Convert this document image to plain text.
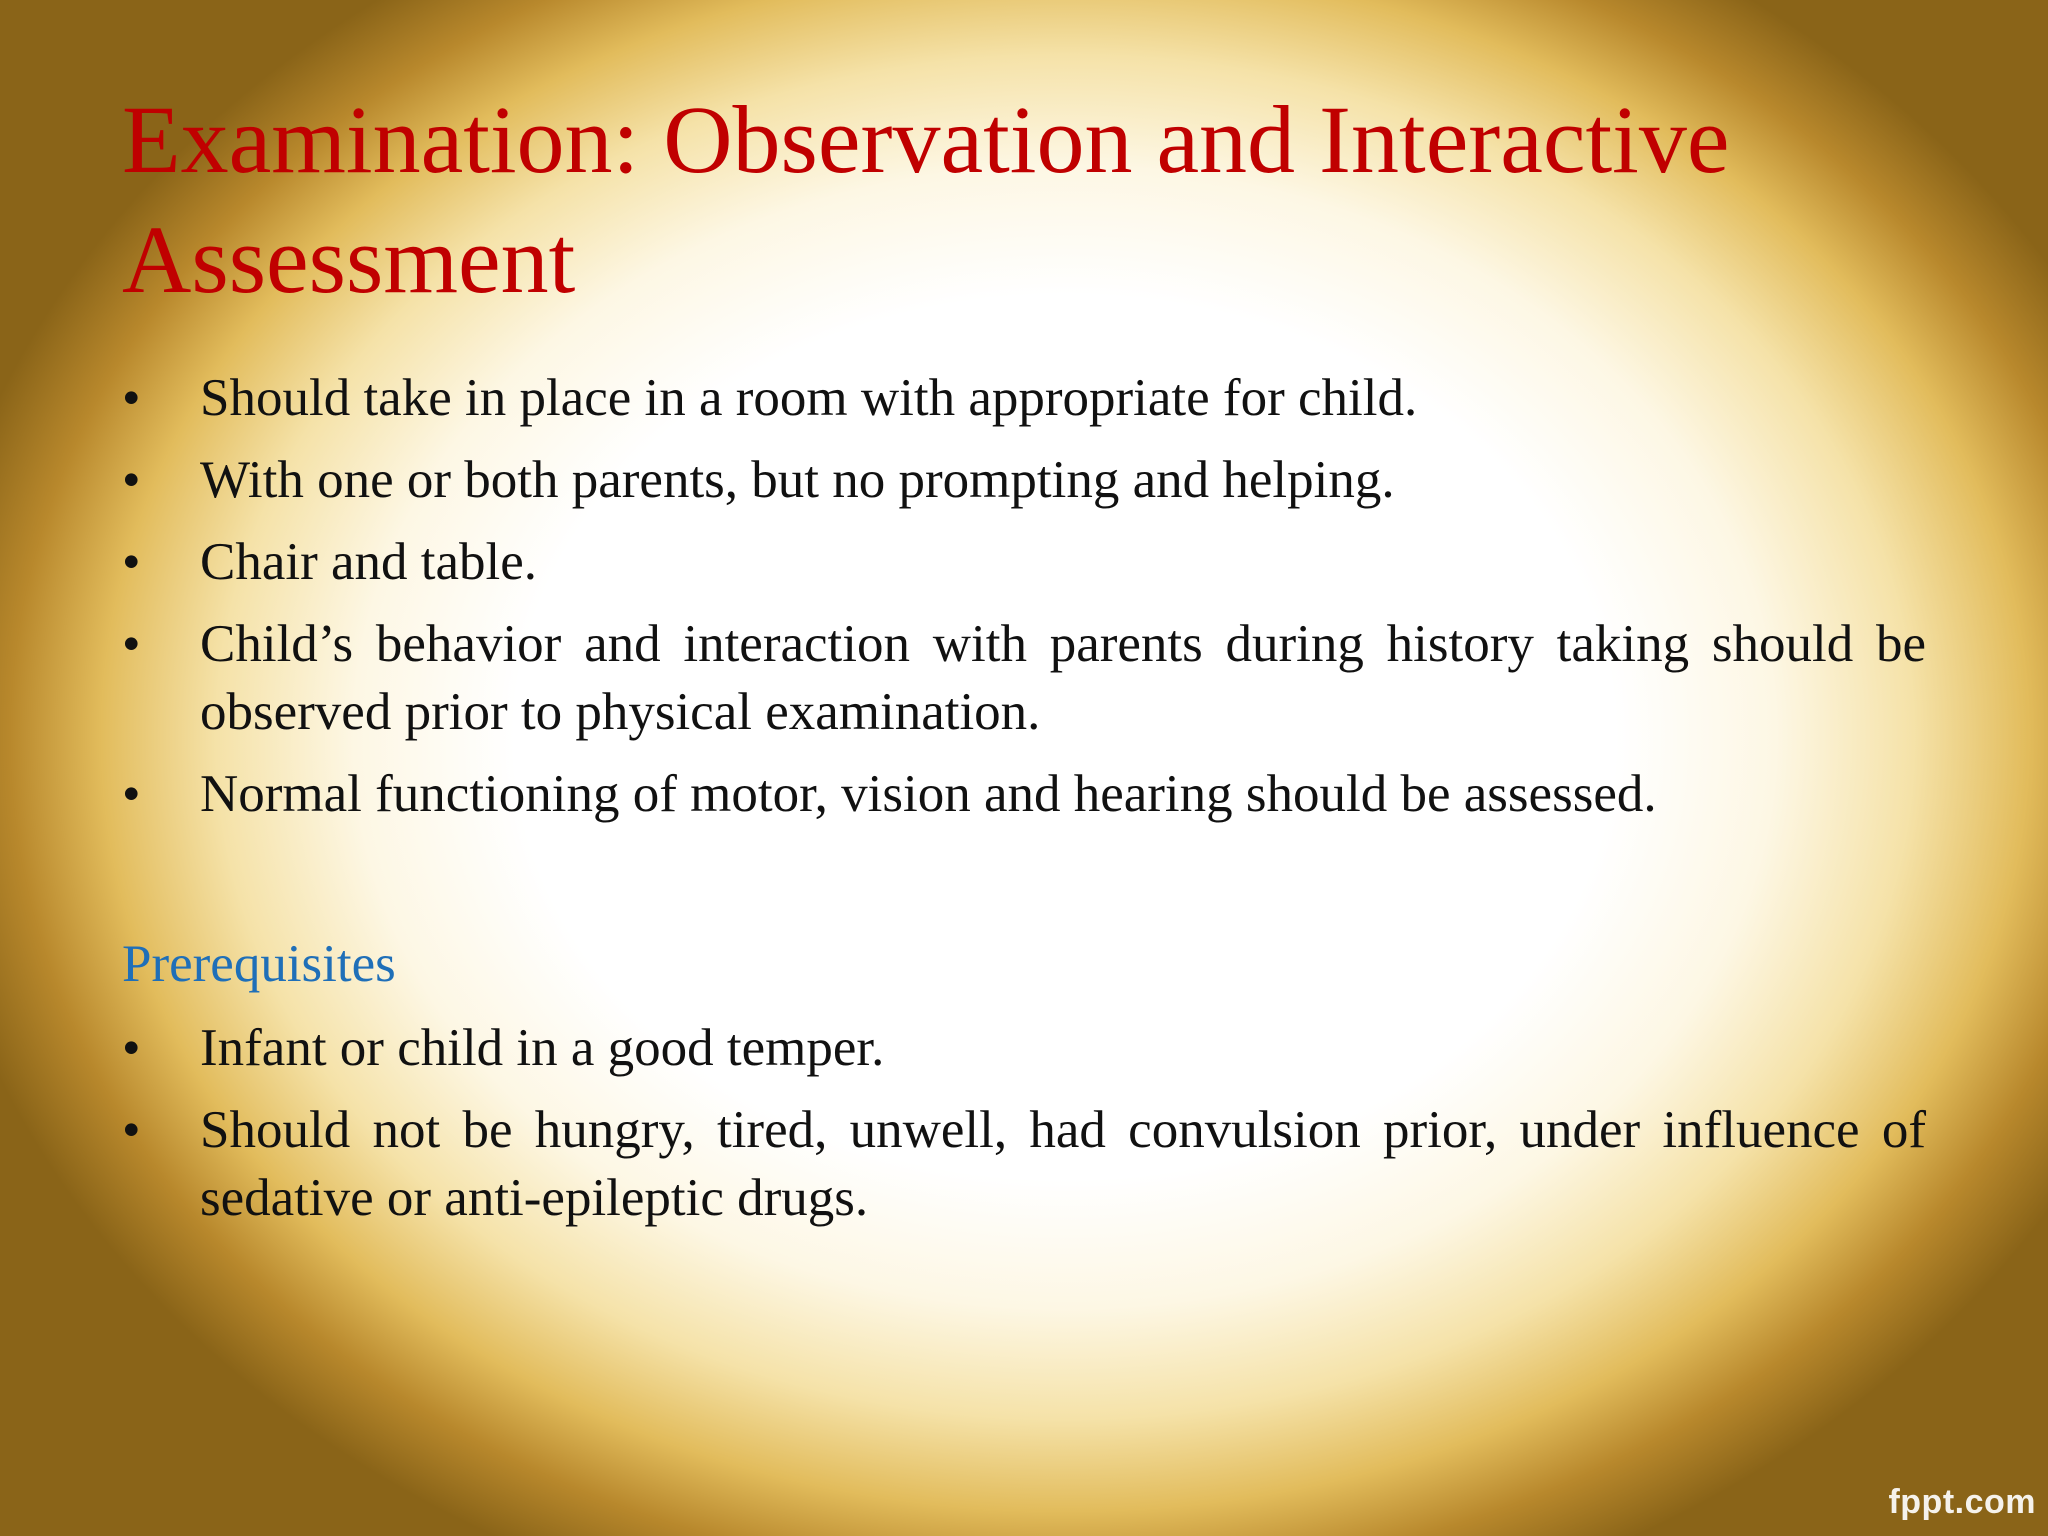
Examination: Observation and Interactive Assessment
•	Should take in place in a room with appropriate for child.
•	With one or both parents, but no prompting and helping.
•	Chair and table.
•	Child’s behavior and interaction with parents during history taking should be observed prior to physical examination.
•	Normal functioning of motor, vision and hearing should be assessed.
Prerequisites
•	Infant or child in a good temper.
•	Should not be hungry, tired, unwell, had convulsion prior, under influence of sedative or anti-epileptic drugs.
fppt.com
